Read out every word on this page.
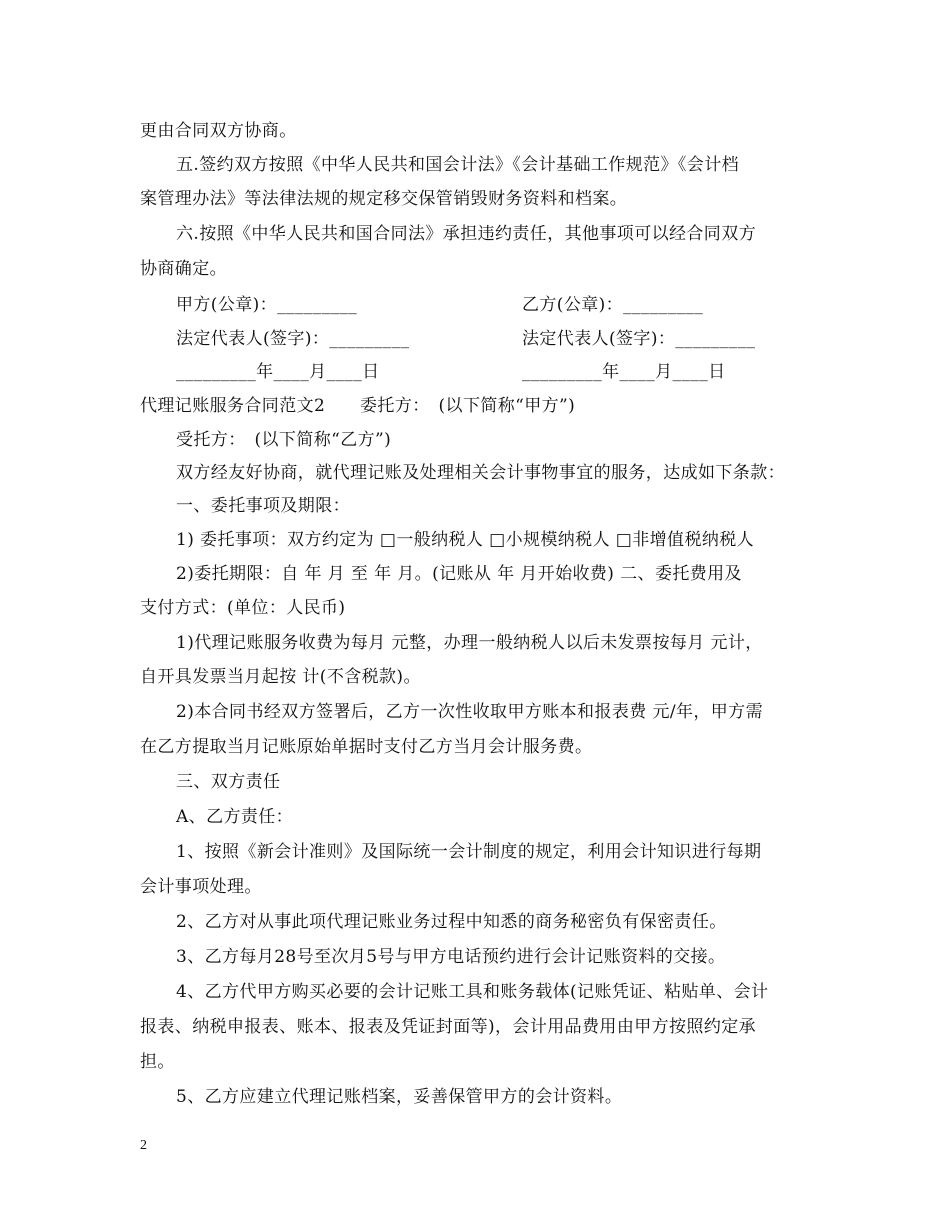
更由合同双方协商。
五.签约双方按照《中华人民共和国会计法》《会计基础工作规范》《会计档
案管理办法》等法律法规的规定移交保管销毁财务资料和档案。
六.按照《中华人民共和国合同法》承担违约责任，其他事项可以经合同双方
协商确定。
甲方(公章)：_________	乙方(公章)：_________
法定代表人(签字)：_________	法定代表人(签字)：_________
_________年____月____日	_________年____月____日
代理记账服务合同范文2　　委托方：　(以下简称“甲方”)
受托方：　(以下简称“乙方”)
双方经友好协商，就代理记账及处理相关会计事物事宜的服务，达成如下条款：
一、委托事项及期限：
1) 委托事项：双方约定为 □一般纳税人 □小规模纳税人 □非增值税纳税人
2)委托期限：自 年 月 至 年 月。(记账从 年 月开始收费) 二、委托费用及
支付方式：(单位：人民币)
1)代理记账服务收费为每月 元整，办理一般纳税人以后未发票按每月 元计，
自开具发票当月起按 计(不含税款)。
2)本合同书经双方签署后，乙方一次性收取甲方账本和报表费 元/年，甲方需
在乙方提取当月记账原始单据时支付乙方当月会计服务费。
三、双方责任
A、乙方责任：
1、按照《新会计准则》及国际统一会计制度的规定，利用会计知识进行每期
会计事项处理。
2、乙方对从事此项代理记账业务过程中知悉的商务秘密负有保密责任。
3、乙方每月28号至次月5号与甲方电话预约进行会计记账资料的交接。
4、乙方代甲方购买必要的会计记账工具和账务载体(记账凭证、粘贴单、会计
报表、纳税申报表、账本、报表及凭证封面等)，会计用品费用由甲方按照约定承
担。
5、乙方应建立代理记账档案，妥善保管甲方的会计资料。
2
